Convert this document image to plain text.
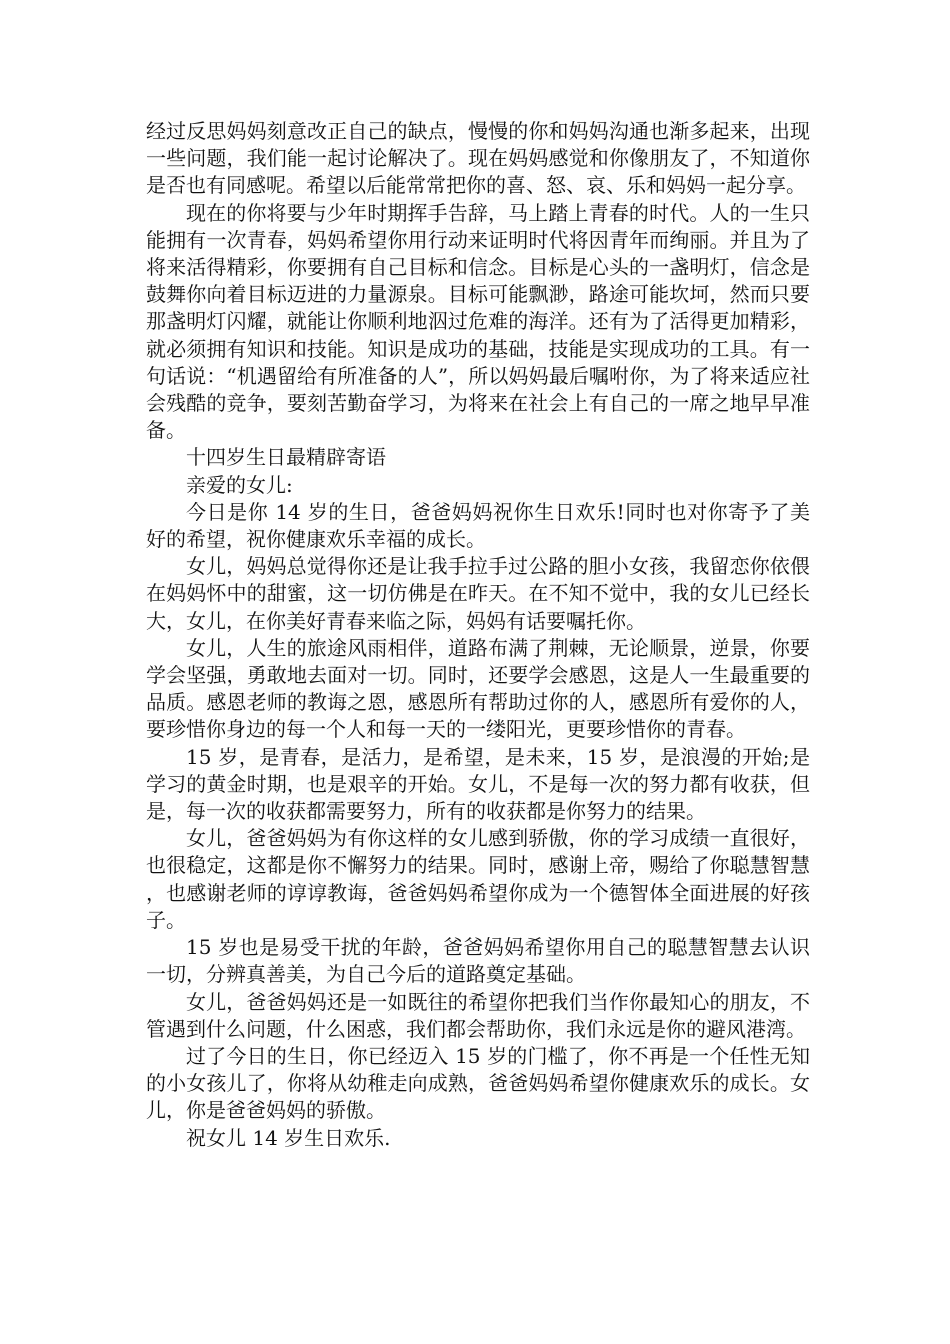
经过反思妈妈刻意改正自己的缺点，慢慢的你和妈妈沟通也渐多起来，出现一些问题，我们能一起讨论解决了。现在妈妈感觉和你像朋友了，不知道你是否也有同感呢。希望以后能常常把你的喜、怒、哀、乐和妈妈一起分享。

现在的你将要与少年时期挥手告辞，马上踏上青春的时代。人的一生只能拥有一次青春，妈妈希望你用行动来证明时代将因青年而绚丽。并且为了将来活得精彩，你要拥有自己目标和信念。目标是心头的一盏明灯，信念是鼓舞你向着目标迈进的力量源泉。目标可能飘渺，路途可能坎坷，然而只要那盏明灯闪耀，就能让你顺利地泅过危难的海洋。还有为了活得更加精彩，就必须拥有知识和技能。知识是成功的基础，技能是实现成功的工具。有一句话说：“机遇留给有所准备的人”，所以妈妈最后嘱咐你，为了将来适应社会残酷的竞争，要刻苦勤奋学习，为将来在社会上有自己的一席之地早早准备。

十四岁生日最精辟寄语

亲爱的女儿:

今日是你 14 岁的生日，爸爸妈妈祝你生日欢乐!同时也对你寄予了美好的希望，祝你健康欢乐幸福的成长。

女儿，妈妈总觉得你还是让我手拉手过公路的胆小女孩，我留恋你依偎在妈妈怀中的甜蜜，这一切仿佛是在昨天。在不知不觉中，我的女儿已经长大，女儿，在你美好青春来临之际，妈妈有话要嘱托你。

女儿，人生的旅途风雨相伴，道路布满了荆棘，无论顺景，逆景，你要学会坚强，勇敢地去面对一切。同时，还要学会感恩，这是人一生最重要的品质。感恩老师的教诲之恩，感恩所有帮助过你的人，感恩所有爱你的人，要珍惜你身边的每一个人和每一天的一缕阳光，更要珍惜你的青春。

15 岁，是青春，是活力，是希望，是未来，15 岁，是浪漫的开始;是学习的黄金时期，也是艰辛的开始。女儿，不是每一次的努力都有收获，但是，每一次的收获都需要努力，所有的收获都是你努力的结果。

女儿，爸爸妈妈为有你这样的女儿感到骄傲，你的学习成绩一直很好，也很稳定，这都是你不懈努力的结果。同时，感谢上帝，赐给了你聪慧智慧，也感谢老师的谆谆教诲，爸爸妈妈希望你成为一个德智体全面进展的好孩子。

15 岁也是易受干扰的年龄，爸爸妈妈希望你用自己的聪慧智慧去认识一切，分辨真善美，为自己今后的道路奠定基础。

女儿，爸爸妈妈还是一如既往的希望你把我们当作你最知心的朋友，不管遇到什么问题，什么困惑，我们都会帮助你，我们永远是你的避风港湾。

过了今日的生日，你已经迈入 15 岁的门槛了，你不再是一个任性无知的小女孩儿了，你将从幼稚走向成熟，爸爸妈妈希望你健康欢乐的成长。女儿，你是爸爸妈妈的骄傲。

祝女儿 14 岁生日欢乐.
